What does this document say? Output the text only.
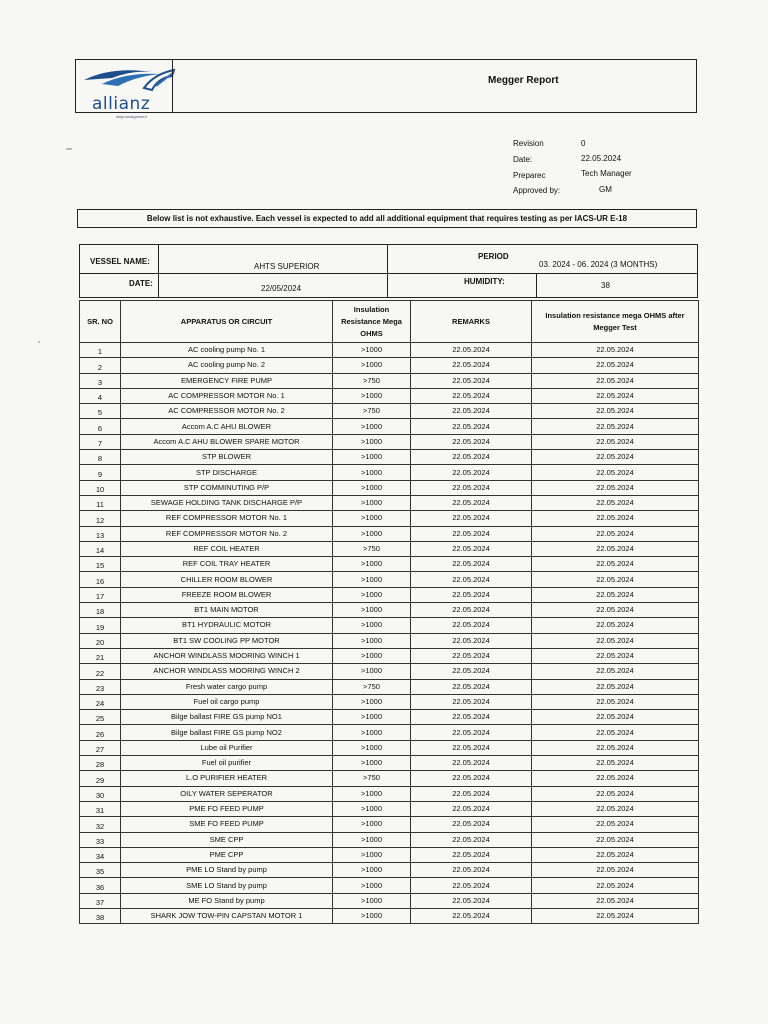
allianz
shipmanagement
Megger Report
Revision	0
Date:	22.05.2024
Preparec	Tech Manager
Approved by:	GM
Below list is not exhaustive. Each vessel is expected to add all additional equipment that requires testing as per IACS-UR E-18
VESSEL NAME:
AHTS SUPERIOR
DATE:
22/05/2024
PERIOD
03. 2024 - 06. 2024 (3 MONTHS)
HUMIDITY:	38
SR. NO	APPARATUS OR CIRCUIT	Insulation Resistance Mega OHMS	REMARKS	Insulation resistance mega OHMS after Megger Test
1	AC cooling pump No. 1	>1000	22.05.2024	22.05.2024
2	AC cooling pump No. 2	>1000	22.05.2024	22.05.2024
3	EMERGENCY FIRE PUMP	>750	22.05.2024	22.05.2024
4	AC COMPRESSOR MOTOR No. 1	>1000	22.05.2024	22.05.2024
5	AC COMPRESSOR MOTOR No. 2	>750	22.05.2024	22.05.2024
6	Accom A.C AHU BLOWER	>1000	22.05.2024	22.05.2024
7	Accom A.C AHU BLOWER SPARE MOTOR	>1000	22.05.2024	22.05.2024
8	STP BLOWER	>1000	22.05.2024	22.05.2024
9	STP DISCHARGE	>1000	22.05.2024	22.05.2024
10	STP COMMINUTING P/P	>1000	22.05.2024	22.05.2024
11	SEWAGE HOLDING TANK DISCHARGE P/P	>1000	22.05.2024	22.05.2024
12	REF COMPRESSOR MOTOR No. 1	>1000	22.05.2024	22.05.2024
13	REF COMPRESSOR MOTOR No. 2	>1000	22.05.2024	22.05.2024
14	REF COIL HEATER	>750	22.05.2024	22.05.2024
15	REF COIL TRAY HEATER	>1000	22.05.2024	22.05.2024
16	CHILLER ROOM BLOWER	>1000	22.05.2024	22.05.2024
17	FREEZE ROOM BLOWER	>1000	22.05.2024	22.05.2024
18	BT1 MAIN MOTOR	>1000	22.05.2024	22.05.2024
19	BT1 HYDRAULIC MOTOR	>1000	22.05.2024	22.05.2024
20	BT1 SW COOLING PP MOTOR	>1000	22.05.2024	22.05.2024
21	ANCHOR WINDLASS MOORING WINCH 1	>1000	22.05.2024	22.05.2024
22	ANCHOR WINDLASS MOORING WINCH 2	>1000	22.05.2024	22.05.2024
23	Fresh water cargo pump	>750	22.05.2024	22.05.2024
24	Fuel oil cargo pump	>1000	22.05.2024	22.05.2024
25	Bilge ballast FIRE GS pump NO1	>1000	22.05.2024	22.05.2024
26	Bilge ballast FIRE GS pump NO2	>1000	22.05.2024	22.05.2024
27	Lube oil Purifier	>1000	22.05.2024	22.05.2024
28	Fuel oil purifier	>1000	22.05.2024	22.05.2024
29	L.O PURIFIER HEATER	>750	22.05.2024	22.05.2024
30	OILY WATER SEPERATOR	>1000	22.05.2024	22.05.2024
31	PME FO FEED PUMP	>1000	22.05.2024	22.05.2024
32	SME FO FEED PUMP	>1000	22.05.2024	22.05.2024
33	SME CPP	>1000	22.05.2024	22.05.2024
34	PME CPP	>1000	22.05.2024	22.05.2024
35	PME LO Stand by pump	>1000	22.05.2024	22.05.2024
36	SME LO Stand by pump	>1000	22.05.2024	22.05.2024
37	ME FO Stand by pump	>1000	22.05.2024	22.05.2024
38	SHARK JOW TOW-PIN CAPSTAN MOTOR 1	>1000	22.05.2024	22.05.2024
